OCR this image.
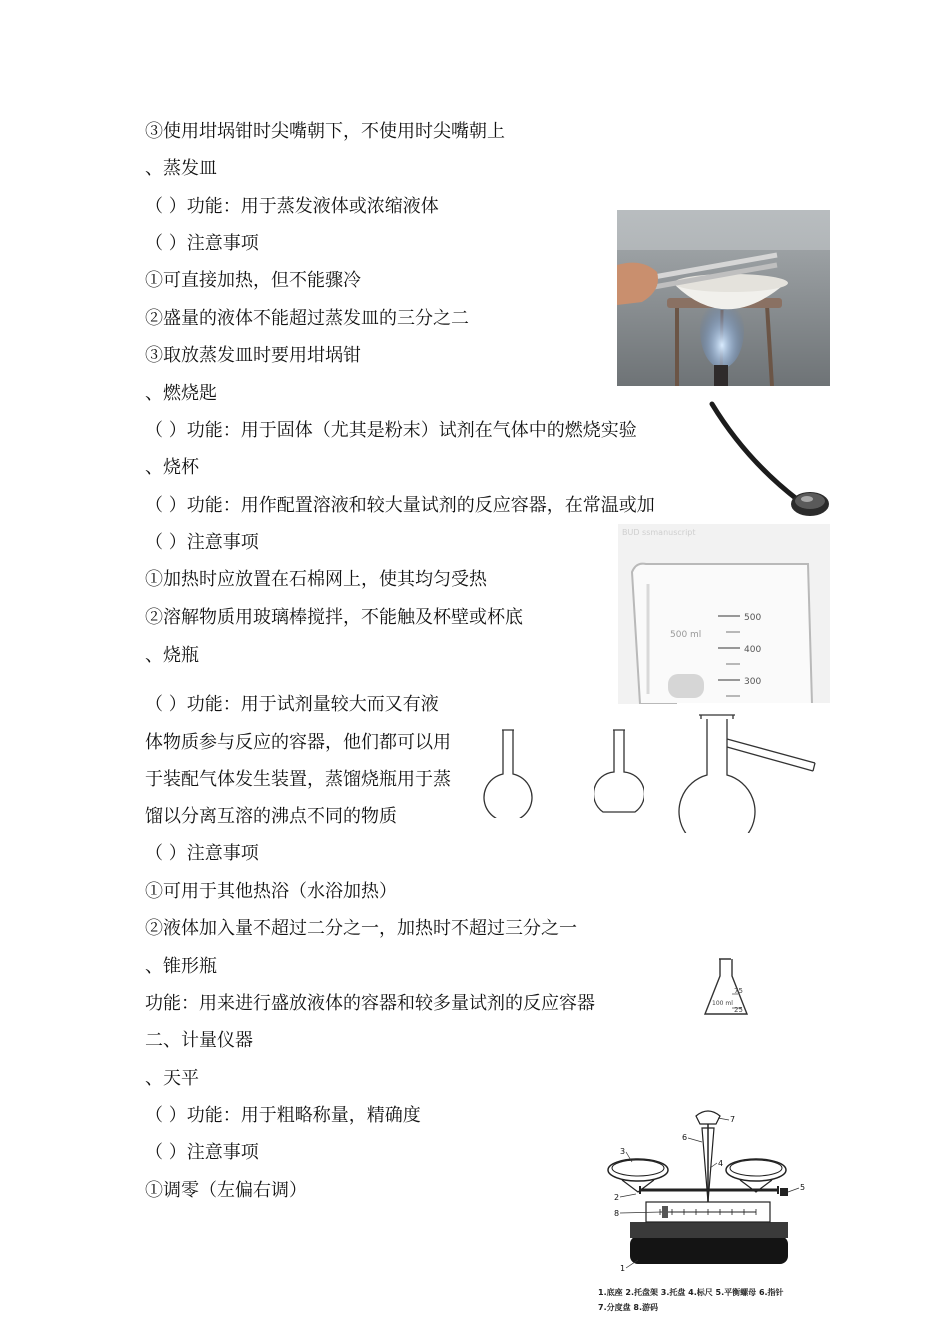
③使用坩埚钳时尖嘴朝下，不使用时尖嘴朝上
、蒸发皿
（ ）功能：用于蒸发液体或浓缩液体
（ ）注意事项
①可直接加热，但不能骤冷
②盛量的液体不能超过蒸发皿的三分之二
③取放蒸发皿时要用坩埚钳
、燃烧匙
（ ）功能：用于固体（尤其是粉末）试剂在气体中的燃烧实验
、烧杯
（ ）功能：用作配置溶液和较大量试剂的反应容器，在常温或加
（ ）注意事项
①加热时应放置在石棉网上，使其均匀受热
②溶解物质用玻璃棒搅拌，不能触及杯壁或杯底
、烧瓶
（ ）功能：用于试剂量较大而又有液
体物质参与反应的容器，他们都可以用
于装配气体发生装置，蒸馏烧瓶用于蒸
馏以分离互溶的沸点不同的物质
（ ）注意事项
①可用于其他热浴（水浴加热）
②液体加入量不超过二分之一，加热时不超过三分之一
、锥形瓶
功能：用来进行盛放液体的容器和较多量试剂的反应容器
二、计量仪器
、天平
（ ）功能：用于粗略称量，精确度
（ ）注意事项
①调零（左偏右调）
BUD ssmanuscript
500
400
300
500 ml
75
25
100 ml
1
2
3
4
5
6
7
8
1.底座 2.托盘架 3.托盘 4.标尺 5.平衡螺母 6.指针
7.分度盘 8.游码
